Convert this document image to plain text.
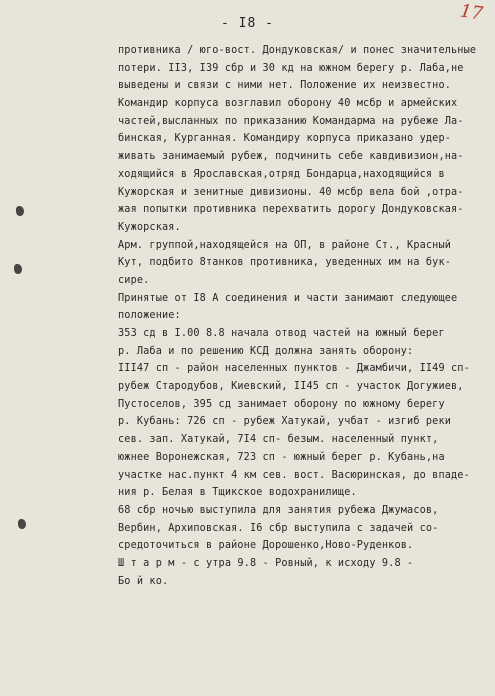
- I8 -	17
противника / юго-вост. Дондуковская/ и понес значительные
потери. II3, I39 сбр и 30 кд на южном берегу р. Лаба,не
выведены и связи с ними нет. Положение их неизвестно.
Командир корпуса возглавил оборону 40 мсбр и армейских
частей,высланных по приказанию Командарма на рубеже Ла-
бинская, Курганная. Командиру корпуса приказано удер-
живать занимаемый рубеж, подчинить себе кавдивизион,на-
ходящийся в Ярославская,отряд Бондарца,находящийся в
Кужорская и зенитные дивизионы. 40 мсбр вела бой ,отра-
жая попытки противника перехватить дорогу Дондуковская-
Кужорская.
Арм. группой,находящейся на ОП, в районе Ст., Красный
Кут, подбито 8танков противника, уведенных им на бук-
сире.
Принятые от I8 А соединения и части занимают следующее
положение:
353 сд в I.00 8.8 начала отвод частей на южный берег
р. Лаба и по решению КСД должна занять оборону:
III47 сп - район населенных пунктов - Джамбичи, II49 сп-
рубеж Стародубов, Киевский, II45 сп - участок Догужиев,
Пустоселов, 395 сд занимает оборону по южному берегу
р. Кубань: 726 сп - рубеж Хатукай, учбат - изгиб реки
сев. зап. Хатукай, 7I4 сп- безым. населенный пункт,
южнее Воронежская, 723 сп - южный берег р. Кубань,на
участке нас.пункт 4 км сев. вост. Васюринская, до впаде-
ния р. Белая в Тщикское водохранилище.
68 сбр ночью выступила для занятия рубежа Джумасов,
Вербин, Архиповская. I6 сбр выступила с задачей со-
средоточиться в районе Дорошенко,Ново-Руденков.
Ш т а р м - с утра 9.8 - Ровный, к исходу 9.8 -
Бо й ко.
